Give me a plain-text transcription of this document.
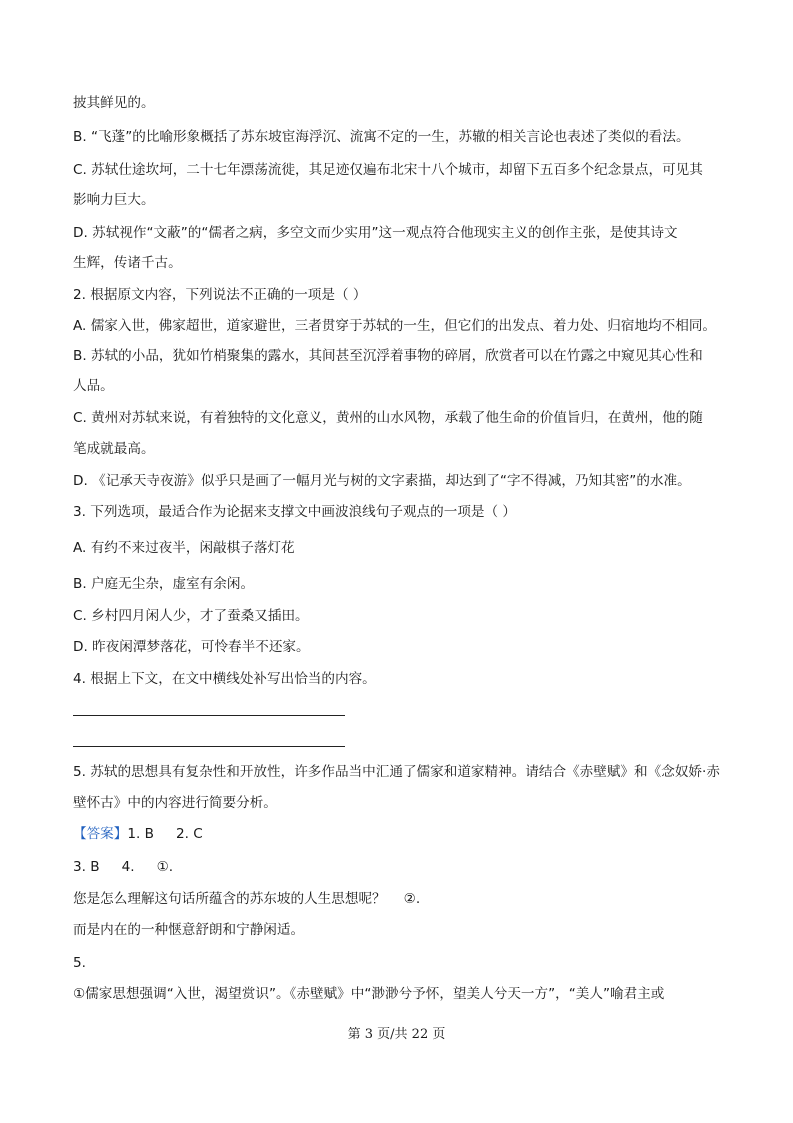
披其鲜见的。
B. “飞蓬”的比喻形象概括了苏东坡宦海浮沉、流寓不定的一生，苏辙的相关言论也表述了类似的看法。
C. 苏轼仕途坎坷，二十七年漂荡流徙，其足迹仅遍布北宋十八个城市，却留下五百多个纪念景点，可见其
影响力巨大。
D. 苏轼视作“文蔽”的“儒者之病，多空文而少实用”这一观点符合他现实主义的创作主张，是使其诗文
生辉，传诸千古。
2. 根据原文内容，下列说法不正确的一项是（ ）
A. 儒家入世，佛家超世，道家避世，三者贯穿于苏轼的一生，但它们的出发点、着力处、归宿地均不相同。
B. 苏轼的小品，犹如竹梢聚集的露水，其间甚至沉浮着事物的碎屑，欣赏者可以在竹露之中窥见其心性和
人品。
C. 黄州对苏轼来说，有着独特的文化意义，黄州的山水风物，承载了他生命的价值旨归，在黄州，他的随
笔成就最高。
D. 《记承天寺夜游》似乎只是画了一幅月光与树的文字素描，却达到了“字不得减，乃知其密”的水准。
3. 下列选项，最适合作为论据来支撑文中画波浪线句子观点的一项是（ ）
A. 有约不来过夜半，闲敲棋子落灯花
B. 户庭无尘杂，虚室有余闲。
C. 乡村四月闲人少，才了蚕桑又插田。
D. 昨夜闲潭梦落花，可怜春半不还家。
4. 根据上下文，在文中横线处补写出恰当的内容。
5. 苏轼的思想具有复杂性和开放性，许多作品当中汇通了儒家和道家精神。请结合《赤壁赋》和《念奴娇·赤
壁怀古》中的内容进行简要分析。
【答案】1. B 2. C
3. B 4. ①.
您是怎么理解这句话所蕴含的苏东坡的人生思想呢？ ②.
而是内在的一种惬意舒朗和宁静闲适。
5.
①儒家思想强调“入世，渴望赏识”。《赤壁赋》中“渺渺兮予怀，望美人兮天一方”，“美人”喻君主或
第 3 页/共 22 页
